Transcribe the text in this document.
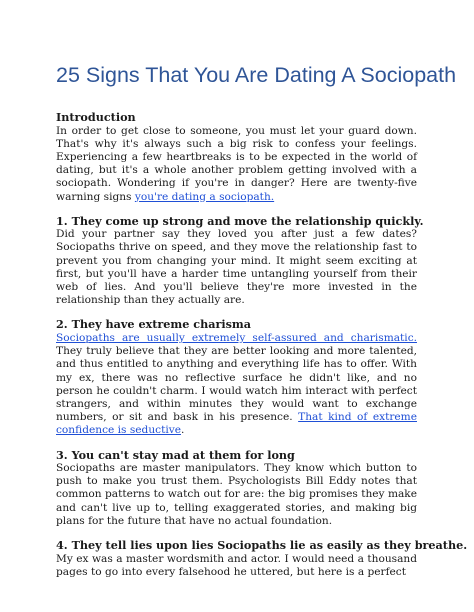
25 Signs That You Are Dating A Sociopath

Introduction

In order to get close to someone, you must let your guard down. That's why it's always such a big risk to confess your feelings. Experiencing a few heartbreaks is to be expected in the world of dating, but it's a whole another problem getting involved with a sociopath. Wondering if you're in danger? Here are twenty-five warning signs you're dating a sociopath.

1. They come up strong and move the relationship quickly.

Did your partner say they loved you after just a few dates? Sociopaths thrive on speed, and they move the relationship fast to prevent you from changing your mind. It might seem exciting at first, but you'll have a harder time untangling yourself from their web of lies. And you'll believe they're more invested in the relationship than they actually are.

2. They have extreme charisma

Sociopaths are usually extremely self-assured and charismatic. They truly believe that they are better looking and more talented, and thus entitled to anything and everything life has to offer. With my ex, there was no reflective surface he didn't like, and no person he couldn't charm. I would watch him interact with perfect strangers, and within minutes they would want to exchange numbers, or sit and bask in his presence. That kind of extreme confidence is seductive.

3. You can't stay mad at them for long

Sociopaths are master manipulators. They know which button to push to make you trust them. Psychologists Bill Eddy notes that common patterns to watch out for are: the big promises they make and can't live up to, telling exaggerated stories, and making big plans for the future that have no actual foundation.

4. They tell lies upon lies Sociopaths lie as easily as they breathe.

My ex was a master wordsmith and actor. I would need a thousand pages to go into every falsehood he uttered, but here is a perfect
